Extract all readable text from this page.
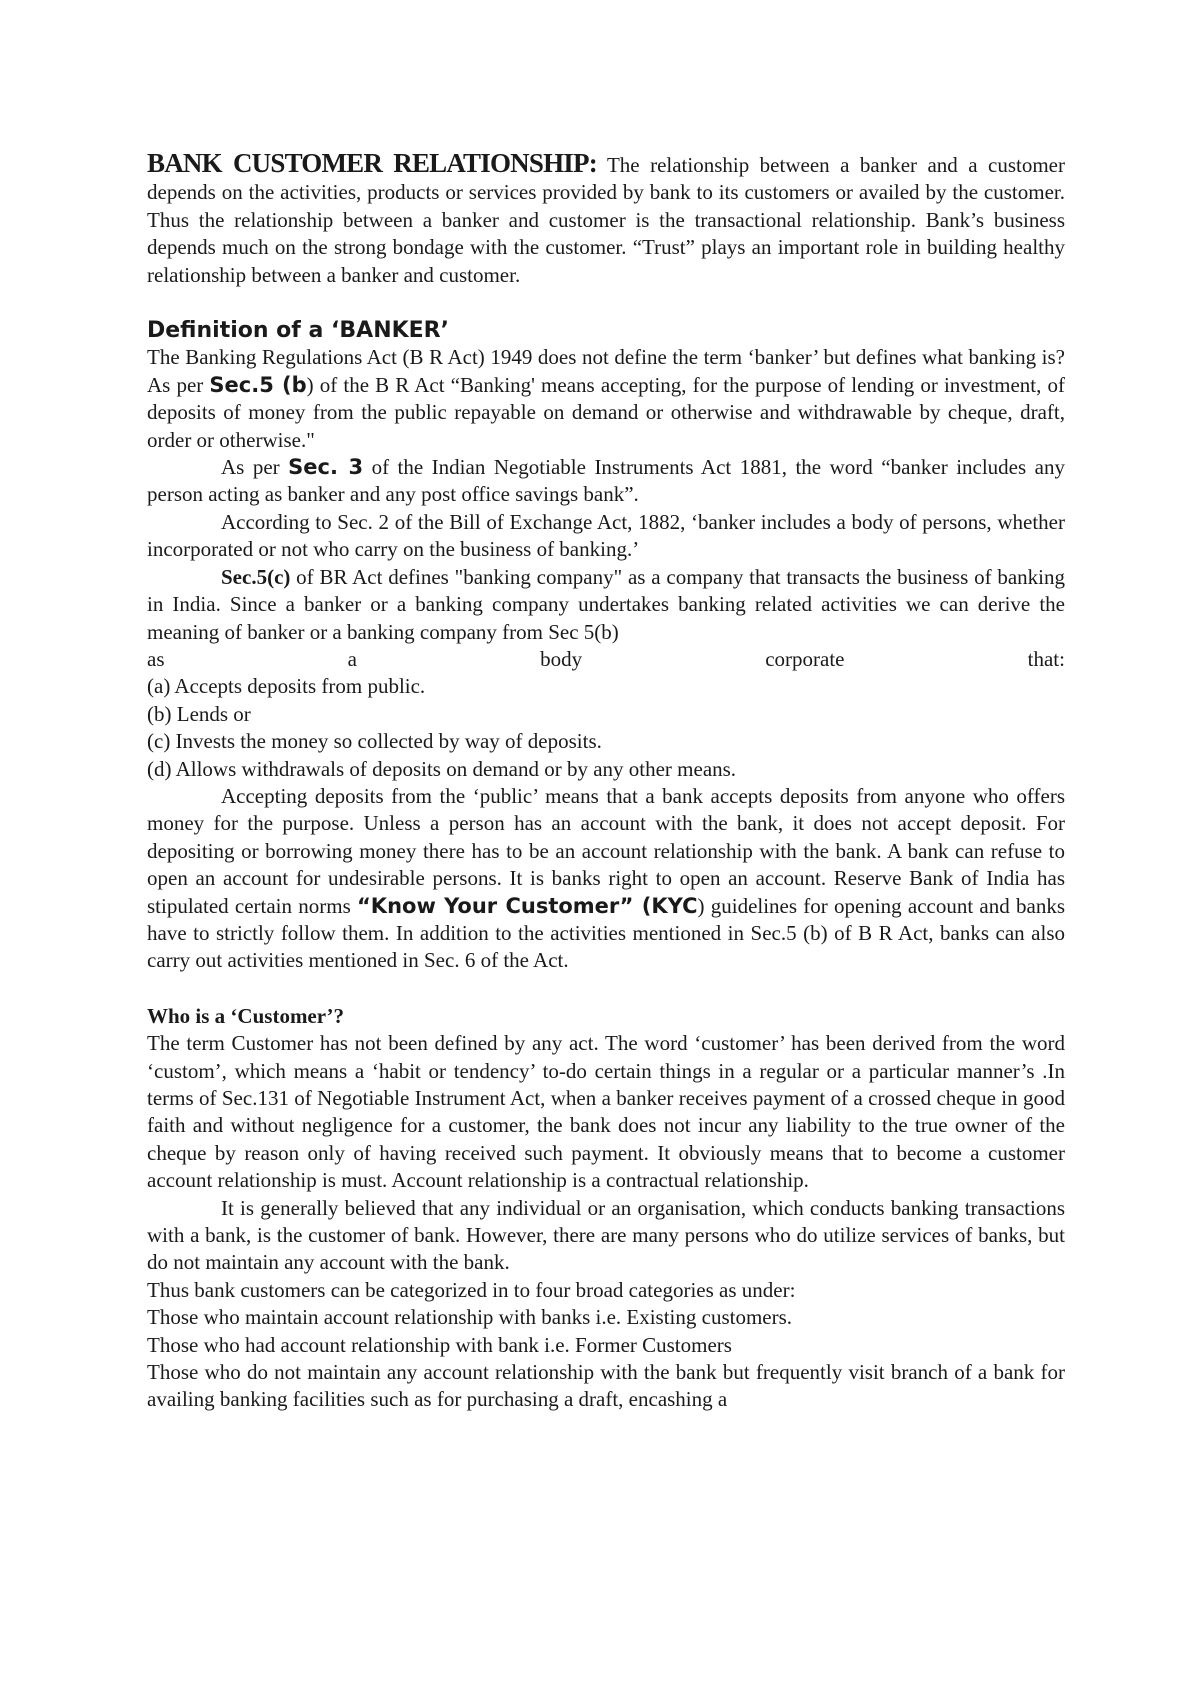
BANK CUSTOMER RELATIONSHIP: The relationship between a banker and a customer depends on the activities, products or services provided by bank to its customers or availed by the customer. Thus the relationship between a banker and customer is the transactional relationship. Bank’s business depends much on the strong bondage with the customer. “Trust” plays an important role in building healthy relationship between a banker and customer.

Definition of a ‘BANKER’

The Banking Regulations Act (B R Act) 1949 does not define the term ‘banker’ but defines what banking is? As per Sec.5 (b) of the B R Act “Banking' means accepting, for the purpose of lending or investment, of deposits of money from the public repayable on demand or otherwise and withdrawable by cheque, draft, order or otherwise."

As per Sec. 3 of the Indian Negotiable Instruments Act 1881, the word “banker includes any person acting as banker and any post office savings bank”.

According to Sec. 2 of the Bill of Exchange Act, 1882, ‘banker includes a body of persons, whether incorporated or not who carry on the business of banking.’

Sec.5(c) of BR Act defines "banking company" as a company that transacts the business of banking in India. Since a banker or a banking company undertakes banking related activities we can derive the meaning of banker or a banking company from Sec 5(b)

as	a	body	corporate	that:

(a) Accepts deposits from public.

(b) Lends or

(c) Invests the money so collected by way of deposits.

(d) Allows withdrawals of deposits on demand or by any other means.

Accepting deposits from the ‘public’ means that a bank accepts deposits from anyone who offers money for the purpose. Unless a person has an account with the bank, it does not accept deposit. For depositing or borrowing money there has to be an account relationship with the bank. A bank can refuse to open an account for undesirable persons. It is banks right to open an account. Reserve Bank of India has stipulated certain norms “Know Your Customer” (KYC) guidelines for opening account and banks have to strictly follow them. In addition to the activities mentioned in Sec.5 (b) of B R Act, banks can also carry out activities mentioned in Sec. 6 of the Act.

Who is a ‘Customer’?

The term Customer has not been defined by any act. The word ‘customer’ has been derived from the word ‘custom’, which means a ‘habit or tendency’ to-do certain things in a regular or a particular manner’s .In terms of Sec.131 of Negotiable Instrument Act, when a banker receives payment of a crossed cheque in good faith and without negligence for a customer, the bank does not incur any liability to the true owner of the cheque by reason only of having received such payment. It obviously means that to become a customer account relationship is must. Account relationship is a contractual relationship.

It is generally believed that any individual or an organisation, which conducts banking transactions with a bank, is the customer of bank. However, there are many persons who do utilize services of banks, but do not maintain any account with the bank.

Thus bank customers can be categorized in to four broad categories as under:

Those who maintain account relationship with banks i.e. Existing customers.

Those who had account relationship with bank i.e. Former Customers

Those who do not maintain any account relationship with the bank but frequently visit branch of a bank for availing banking facilities such as for purchasing a draft, encashing a
